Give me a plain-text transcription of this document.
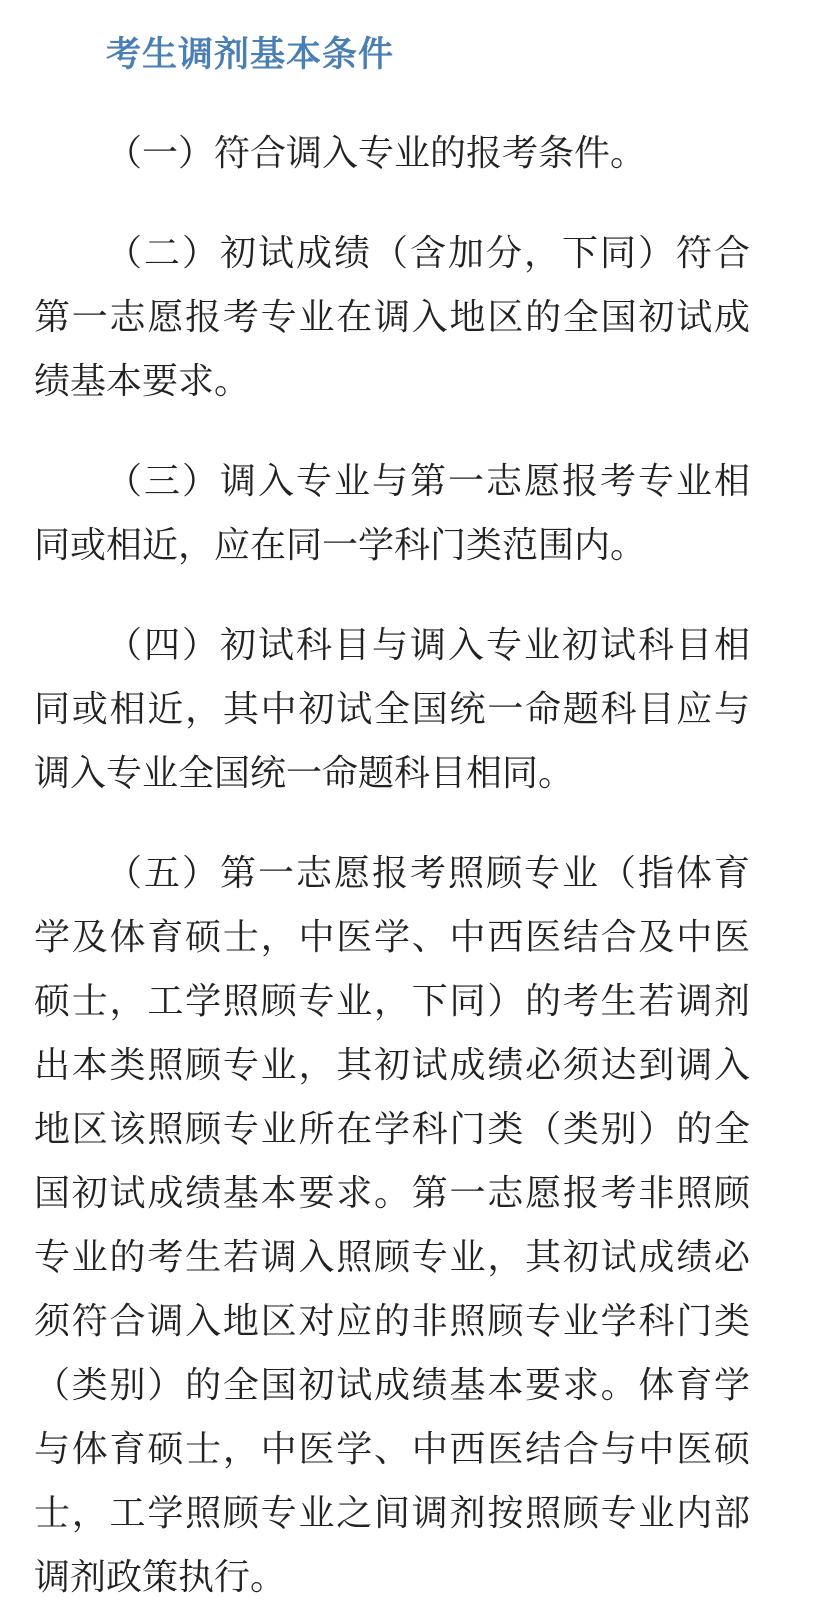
考生调剂基本条件

（一）符合调入专业的报考条件。

（二）初试成绩（含加分，下同）符合第一志愿报考专业在调入地区的全国初试成绩基本要求。

（三）调入专业与第一志愿报考专业相同或相近，应在同一学科门类范围内。

（四）初试科目与调入专业初试科目相同或相近，其中初试全国统一命题科目应与调入专业全国统一命题科目相同。

（五）第一志愿报考照顾专业（指体育学及体育硕士，中医学、中西医结合及中医硕士，工学照顾专业，下同）的考生若调剂出本类照顾专业，其初试成绩必须达到调入地区该照顾专业所在学科门类（类别）的全国初试成绩基本要求。第一志愿报考非照顾专业的考生若调入照顾专业，其初试成绩必须符合调入地区对应的非照顾专业学科门类（类别）的全国初试成绩基本要求。体育学与体育硕士，中医学、中西医结合与中医硕士，工学照顾专业之间调剂按照顾专业内部调剂政策执行。
